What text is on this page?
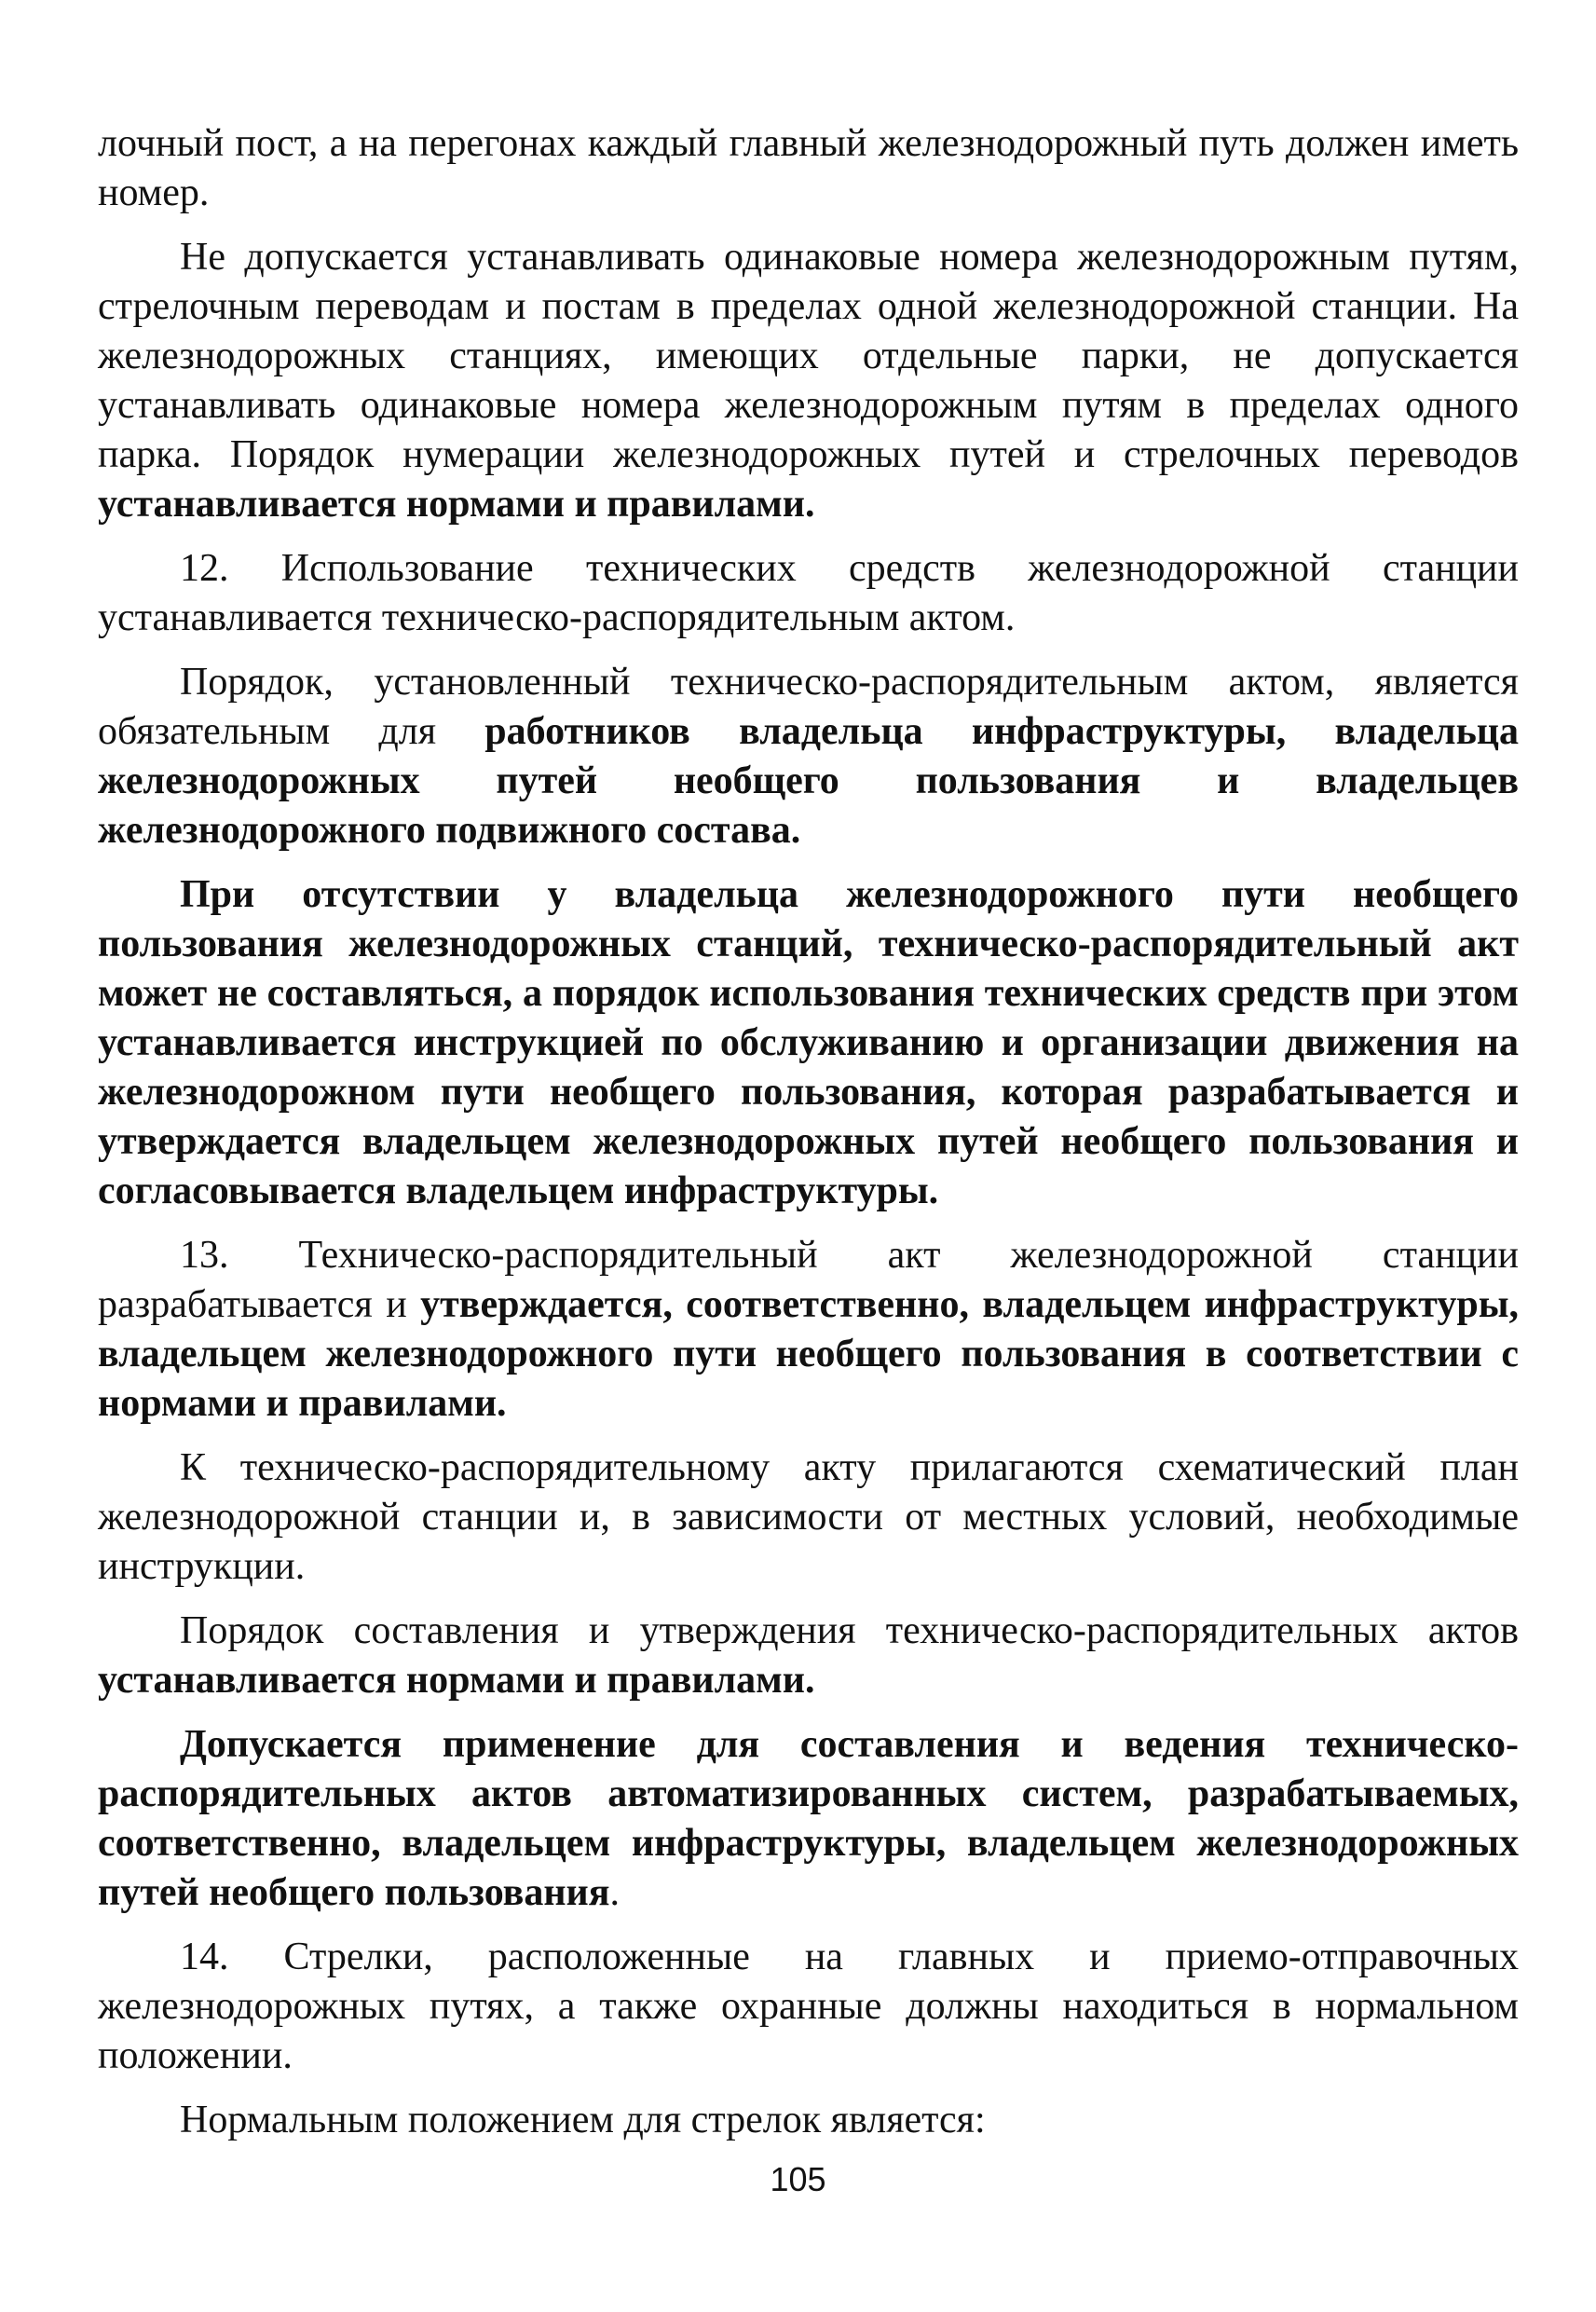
лочный пост, а на перегонах каждый главный железнодорожный путь должен иметь номер.

Не допускается устанавливать одинаковые номера железнодорожным путям, стрелочным переводам и постам в пределах одной железнодорожной станции. На железнодорожных станциях, имеющих отдельные парки, не допускается устанавливать одинаковые номера железнодорожным путям в пределах одного парка. Порядок нумерации железнодорожных путей и стрелочных переводов устанавливается нормами и правилами.

12. Использование технических средств железнодорожной станции устанавливается техническо-распорядительным актом.

Порядок, установленный техническо-распорядительным актом, является обязательным для работников владельца инфраструктуры, владельца железнодорожных путей необщего пользования и владельцев железнодорожного подвижного состава.

При отсутствии у владельца железнодорожного пути необщего пользования железнодорожных станций, техническо-распорядительный акт может не составляться, а порядок использования технических средств при этом устанавливается инструкцией по обслуживанию и организации движения на железнодорожном пути необщего пользования, которая разрабатывается и утверждается владельцем железнодорожных путей необщего пользования и согласовывается владельцем инфраструктуры.

13. Техническо-распорядительный акт железнодорожной станции разрабатывается и утверждается, соответственно, владельцем инфраструктуры, владельцем железнодорожного пути необщего пользования в соответствии с нормами и правилами.

К техническо-распорядительному акту прилагаются схематический план железнодорожной станции и, в зависимости от местных условий, необходимые инструкции.

Порядок составления и утверждения техническо-распорядительных актов устанавливается нормами и правилами.

Допускается применение для составления и ведения техническо-распорядительных актов автоматизированных систем, разрабатываемых, соответственно, владельцем инфраструктуры, владельцем железнодорожных путей необщего пользования.

14. Стрелки, расположенные на главных и приемо-отправочных железнодорожных путях, а также охранные должны находиться в нормальном положении.

Нормальным положением для стрелок является:

105
